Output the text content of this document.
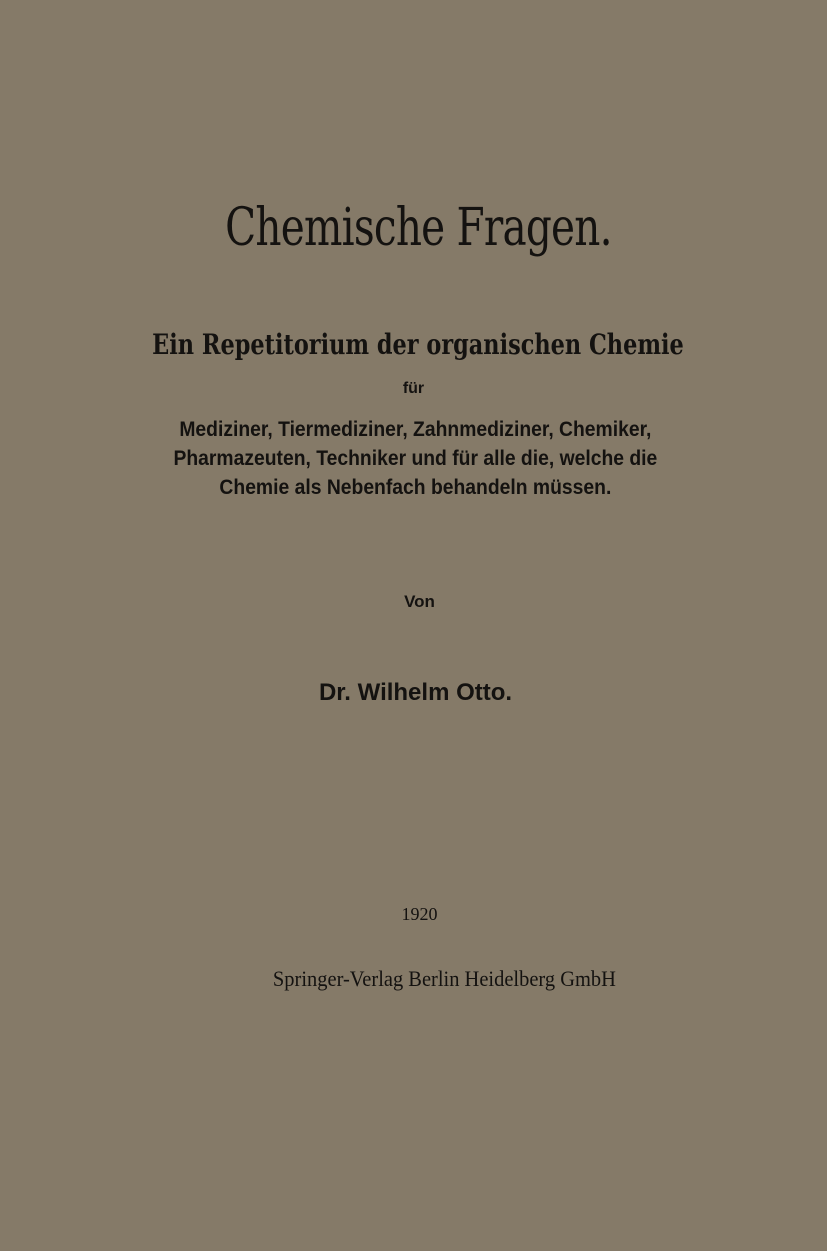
Chemische Fragen.
Ein Repetitorium der organischen Chemie
für
Mediziner, Tiermediziner, Zahnmediziner, Chemiker,
Pharmazeuten, Techniker und für alle die, welche die
Chemie als Nebenfach behandeln müssen.
Von
Dr. Wilhelm Otto.
1920
Springer-Verlag Berlin Heidelberg GmbH
